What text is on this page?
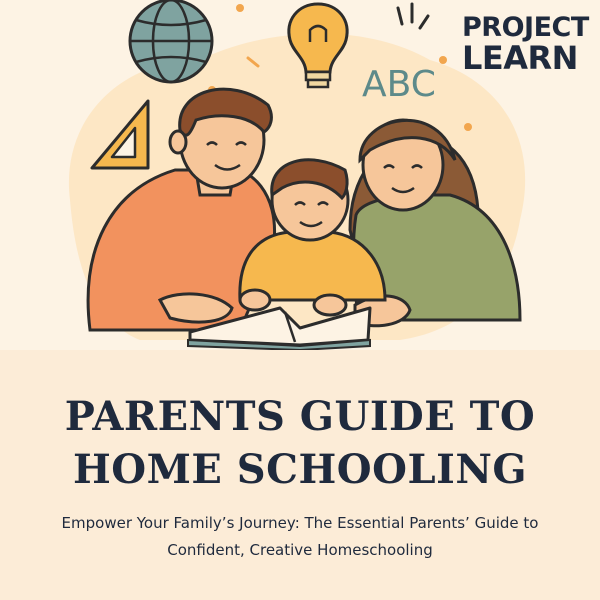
ABC
PROJECT
LEARN
PARENTS GUIDE TO
HOME SCHOOLING
Empower Your Family’s Journey: The Essential Parents’ Guide to
Confident, Creative Homeschooling
